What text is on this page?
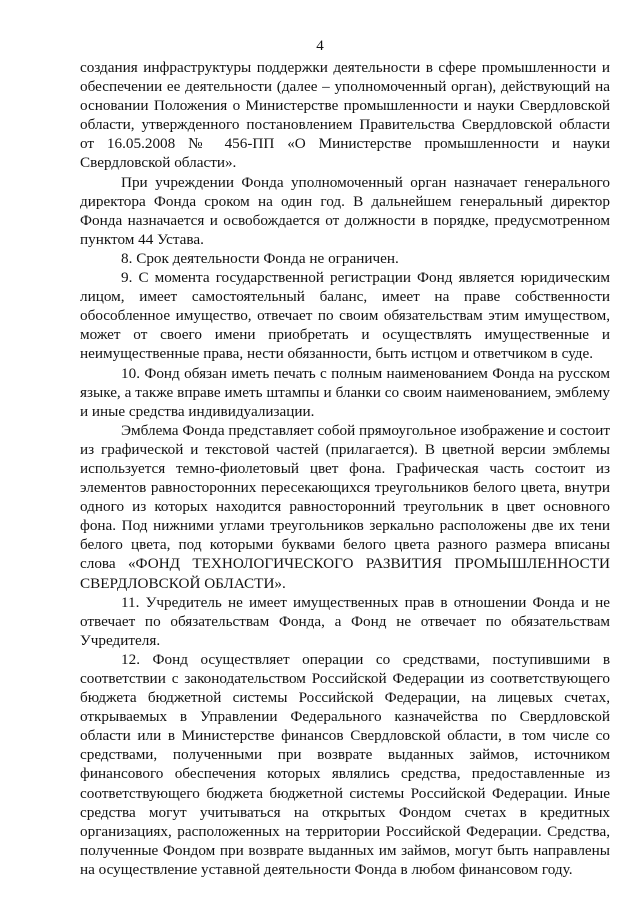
4

создания инфраструктуры поддержки деятельности в сфере промышленности и обеспечении ее деятельности (далее – уполномоченный орган), действующий на основании Положения о Министерстве промышленности и науки Свердловской области, утвержденного постановлением Правительства Свердловской области от 16.05.2008 № 456-ПП «О Министерстве промышленности и науки Свердловской области».

При учреждении Фонда уполномоченный орган назначает генерального директора Фонда сроком на один год. В дальнейшем генеральный директор Фонда назначается и освобождается от должности в порядке, предусмотренном пунктом 44 Устава.

8. Срок деятельности Фонда не ограничен.

9. С момента государственной регистрации Фонд является юридическим лицом, имеет самостоятельный баланс, имеет на праве собственности обособленное имущество, отвечает по своим обязательствам этим имуществом, может от своего имени приобретать и осуществлять имущественные и неимущественные права, нести обязанности, быть истцом и ответчиком в суде.

10. Фонд обязан иметь печать с полным наименованием Фонда на русском языке, а также вправе иметь штампы и бланки со своим наименованием, эмблему и иные средства индивидуализации.

Эмблема Фонда представляет собой прямоугольное изображение и состоит из графической и текстовой частей (прилагается). В цветной версии эмблемы используется темно-фиолетовый цвет фона. Графическая часть состоит из элементов равносторонних пересекающихся треугольников белого цвета, внутри одного из которых находится равносторонний треугольник в цвет основного фона. Под нижними углами треугольников зеркально расположены две их тени белого цвета, под которыми буквами белого цвета разного размера вписаны слова «ФОНД ТЕХНОЛОГИЧЕСКОГО РАЗВИТИЯ ПРОМЫШЛЕННОСТИ СВЕРДЛОВСКОЙ ОБЛАСТИ».

11. Учредитель не имеет имущественных прав в отношении Фонда и не отвечает по обязательствам Фонда, а Фонд не отвечает по обязательствам Учредителя.

12. Фонд осуществляет операции со средствами, поступившими в соответствии с законодательством Российской Федерации из соответствующего бюджета бюджетной системы Российской Федерации, на лицевых счетах, открываемых в Управлении Федерального казначейства по Свердловской области или в Министерстве финансов Свердловской области, в том числе со средствами, полученными при возврате выданных займов, источником финансового обеспечения которых являлись средства, предоставленные из соответствующего бюджета бюджетной системы Российской Федерации. Иные средства могут учитываться на открытых Фондом счетах в кредитных организациях, расположенных на территории Российской Федерации. Средства, полученные Фондом при возврате выданных им займов, могут быть направлены на осуществление уставной деятельности Фонда в любом финансовом году.
